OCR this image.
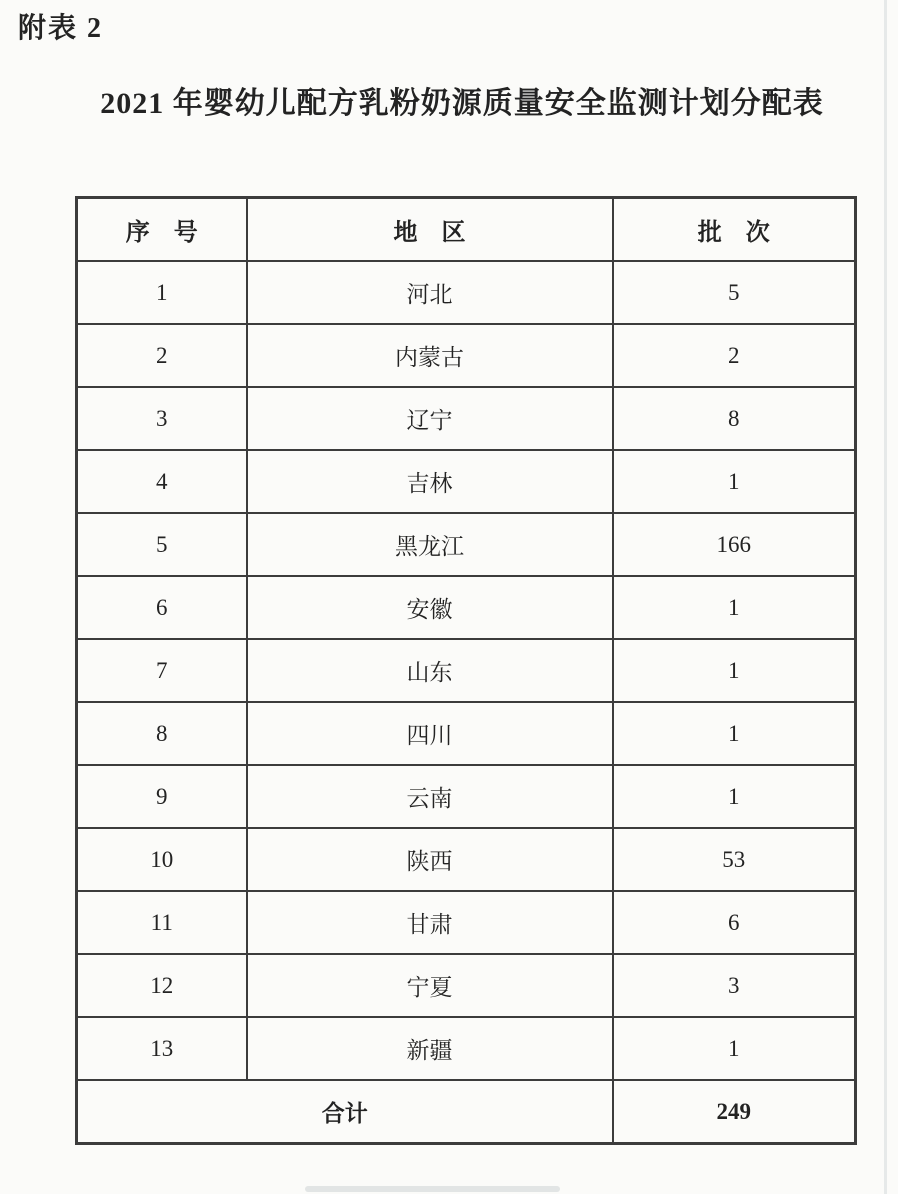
附表 2
2021 年婴幼儿配方乳粉奶源质量安全监测计划分配表
序　号	地　区	批　次
1	河北	5
2	内蒙古	2
3	辽宁	8
4	吉林	1
5	黑龙江	166
6	安徽	1
7	山东	1
8	四川	1
9	云南	1
10	陕西	53
11	甘肃	6
12	宁夏	3
13	新疆	1
合计		249
